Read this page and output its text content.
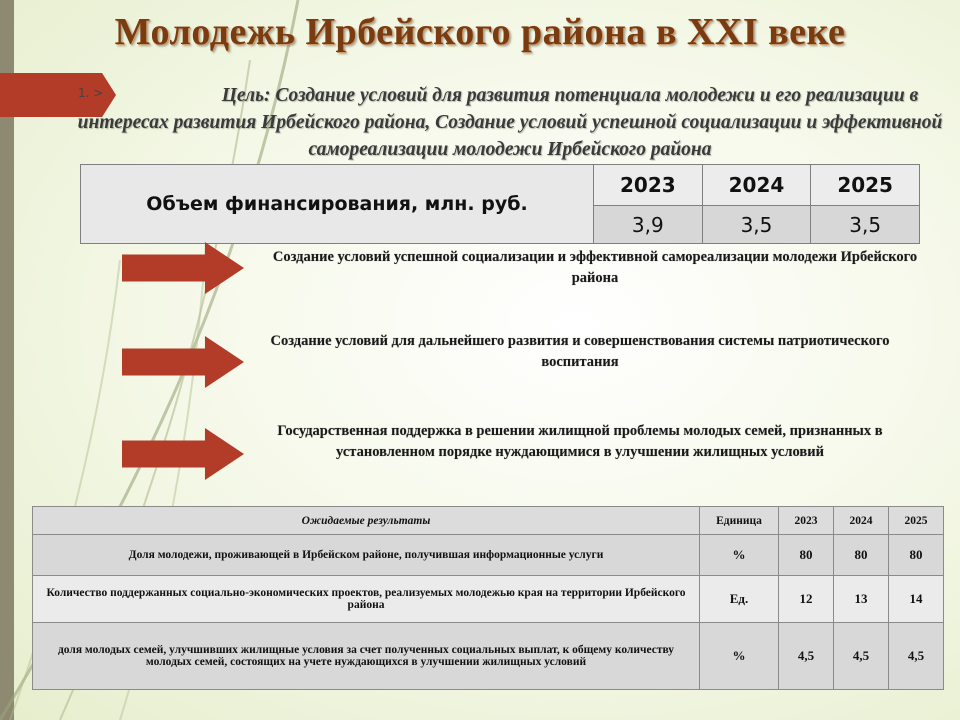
Молодежь Ирбейского района в XXI веке
1. >	Цель: Создание условий для развития потенциала молодежи и его реализации в интересах развития Ирбейского района, Создание условий успешной социализации и эффективной самореализации молодежи Ирбейского района
Объем финансирования, млн. руб.	2023	2024	2025
	3,9	3,5	3,5
Создание условий успешной социализации и эффективной самореализации молодежи Ирбейского района
Создание условий для дальнейшего развития и совершенствования системы патриотического воспитания
Государственная поддержка в решении жилищной проблемы молодых семей, признанных в установленном порядке нуждающимися в улучшении жилищных условий
Ожидаемые результаты	Единица	2023	2024	2025
Доля молодежи, проживающей в Ирбейском районе, получившая информационные услуги	%	80	80	80
Количество поддержанных социально-экономических проектов, реализуемых молодежью края на территории Ирбейского района	Ед.	12	13	14
доля молодых семей, улучшивших жилищные условия за счет полученных социальных выплат, к общему количеству молодых семей, состоящих на учете нуждающихся в улучшении жилищных условий	%	4,5	4,5	4,5
